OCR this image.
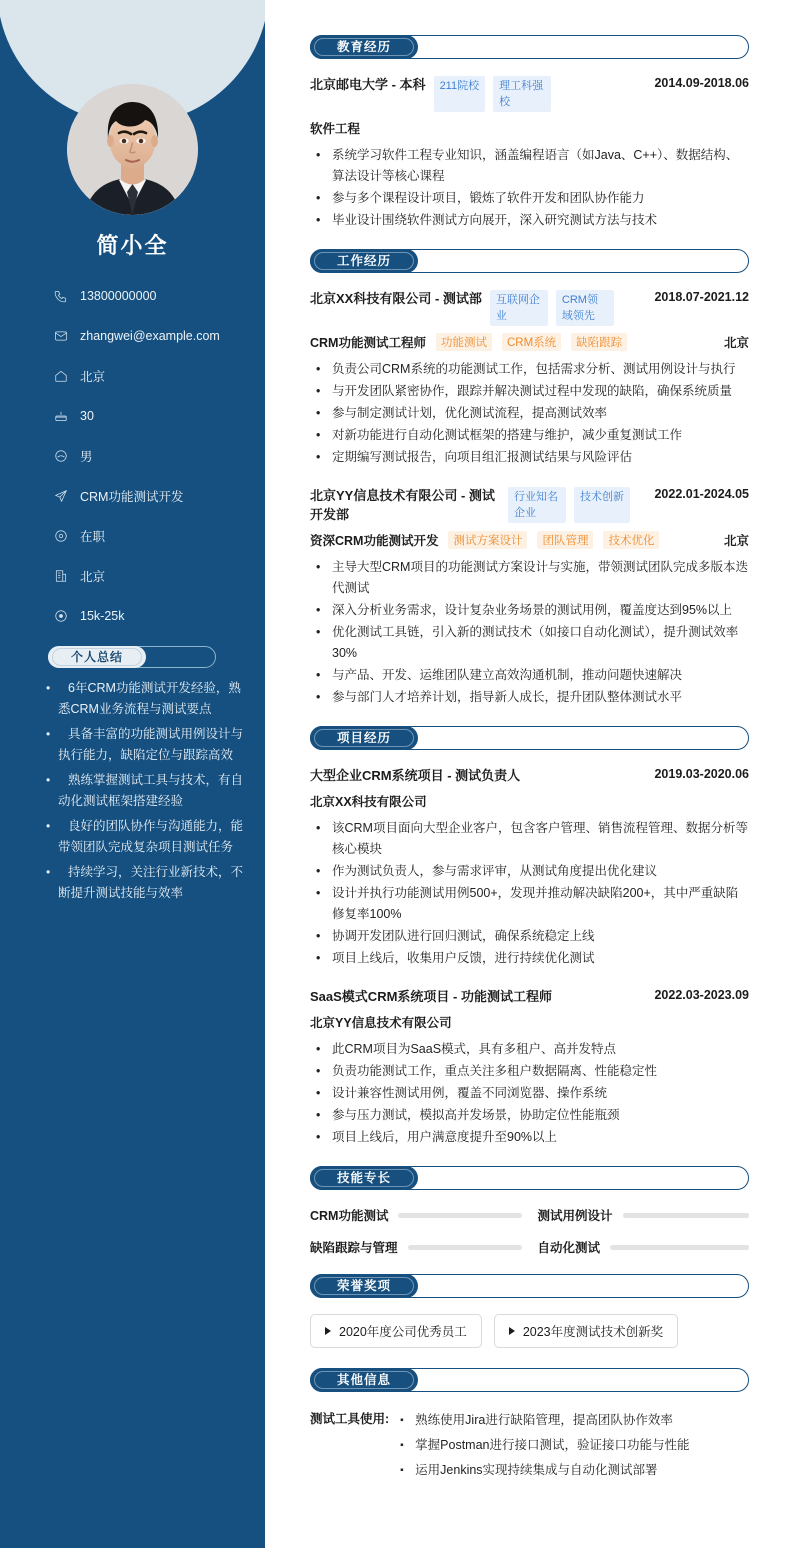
简小全
13800000000
zhangwei@example.com
北京
30
男
CRM功能测试开发
在职
北京
15k-25k
个人总结
• 6年CRM功能测试开发经验，熟悉CRM业务流程与测试要点
• 具备丰富的功能测试用例设计与执行能力，缺陷定位与跟踪高效
• 熟练掌握测试工具与技术，有自动化测试框架搭建经验
• 良好的团队协作与沟通能力，能带领团队完成复杂项目测试任务
• 持续学习，关注行业新技术，不断提升测试技能与效率
教育经历
北京邮电大学 - 本科	211院校	理工科强校
2014.09-2018.06
软件工程
• 系统学习软件工程专业知识，涵盖编程语言（如Java、C++）、数据结构、算法设计等核心课程
• 参与多个课程设计项目，锻炼了软件开发和团队协作能力
• 毕业设计围绕软件测试方向展开，深入研究测试方法与技术
工作经历
北京XX科技有限公司 - 测试部	互联网企业
CRM领域领先
2018.07-2021.12
CRM功能测试工程师	功能测试	CRM系统	缺陷跟踪	北京
• 负责公司CRM系统的功能测试工作，包括需求分析、测试用例设计与执行
• 与开发团队紧密协作，跟踪并解决测试过程中发现的缺陷，确保系统质量
• 参与制定测试计划，优化测试流程，提高测试效率
• 对新功能进行自动化测试框架的搭建与维护，减少重复测试工作
• 定期编写测试报告，向项目组汇报测试结果与风险评估
北京YY信息技术有限公司 - 测试开发部
行业知名企业
技术创新	2022.01-2024.05
资深CRM功能测试开发	测试方案设计	团队管理	技术优化	北京
• 主导大型CRM项目的功能测试方案设计与实施，带领测试团队完成多版本迭代测试
• 深入分析业务需求，设计复杂业务场景的测试用例，覆盖度达到95%以上
• 优化测试工具链，引入新的测试技术（如接口自动化测试），提升测试效率30%
• 与产品、开发、运维团队建立高效沟通机制，推动问题快速解决
• 参与部门人才培养计划，指导新人成长，提升团队整体测试水平
项目经历
大型企业CRM系统项目 - 测试负责人	2019.03-2020.06
北京XX科技有限公司
• 该CRM项目面向大型企业客户，包含客户管理、销售流程管理、数据分析等核心模块
• 作为测试负责人，参与需求评审，从测试角度提出优化建议
• 设计并执行功能测试用例500+，发现并推动解决缺陷200+，其中严重缺陷修复率100%
• 协调开发团队进行回归测试，确保系统稳定上线
• 项目上线后，收集用户反馈，进行持续优化测试
SaaS模式CRM系统项目 - 功能测试工程师	2022.03-2023.09
北京YY信息技术有限公司
• 此CRM项目为SaaS模式，具有多租户、高并发特点
• 负责功能测试工作，重点关注多租户数据隔离、性能稳定性
• 设计兼容性测试用例，覆盖不同浏览器、操作系统
• 参与压力测试，模拟高并发场景，协助定位性能瓶颈
• 项目上线后，用户满意度提升至90%以上
技能专长
CRM功能测试	测试用例设计
缺陷跟踪与管理	自动化测试
荣誉奖项
2020年度公司优秀员工	2023年度测试技术创新奖
其他信息
测试工具使用:	▪ 熟练使用Jira进行缺陷管理，提高团队协作效率
▪ 掌握Postman进行接口测试，验证接口功能与性能
▪ 运用Jenkins实现持续集成与自动化测试部署
